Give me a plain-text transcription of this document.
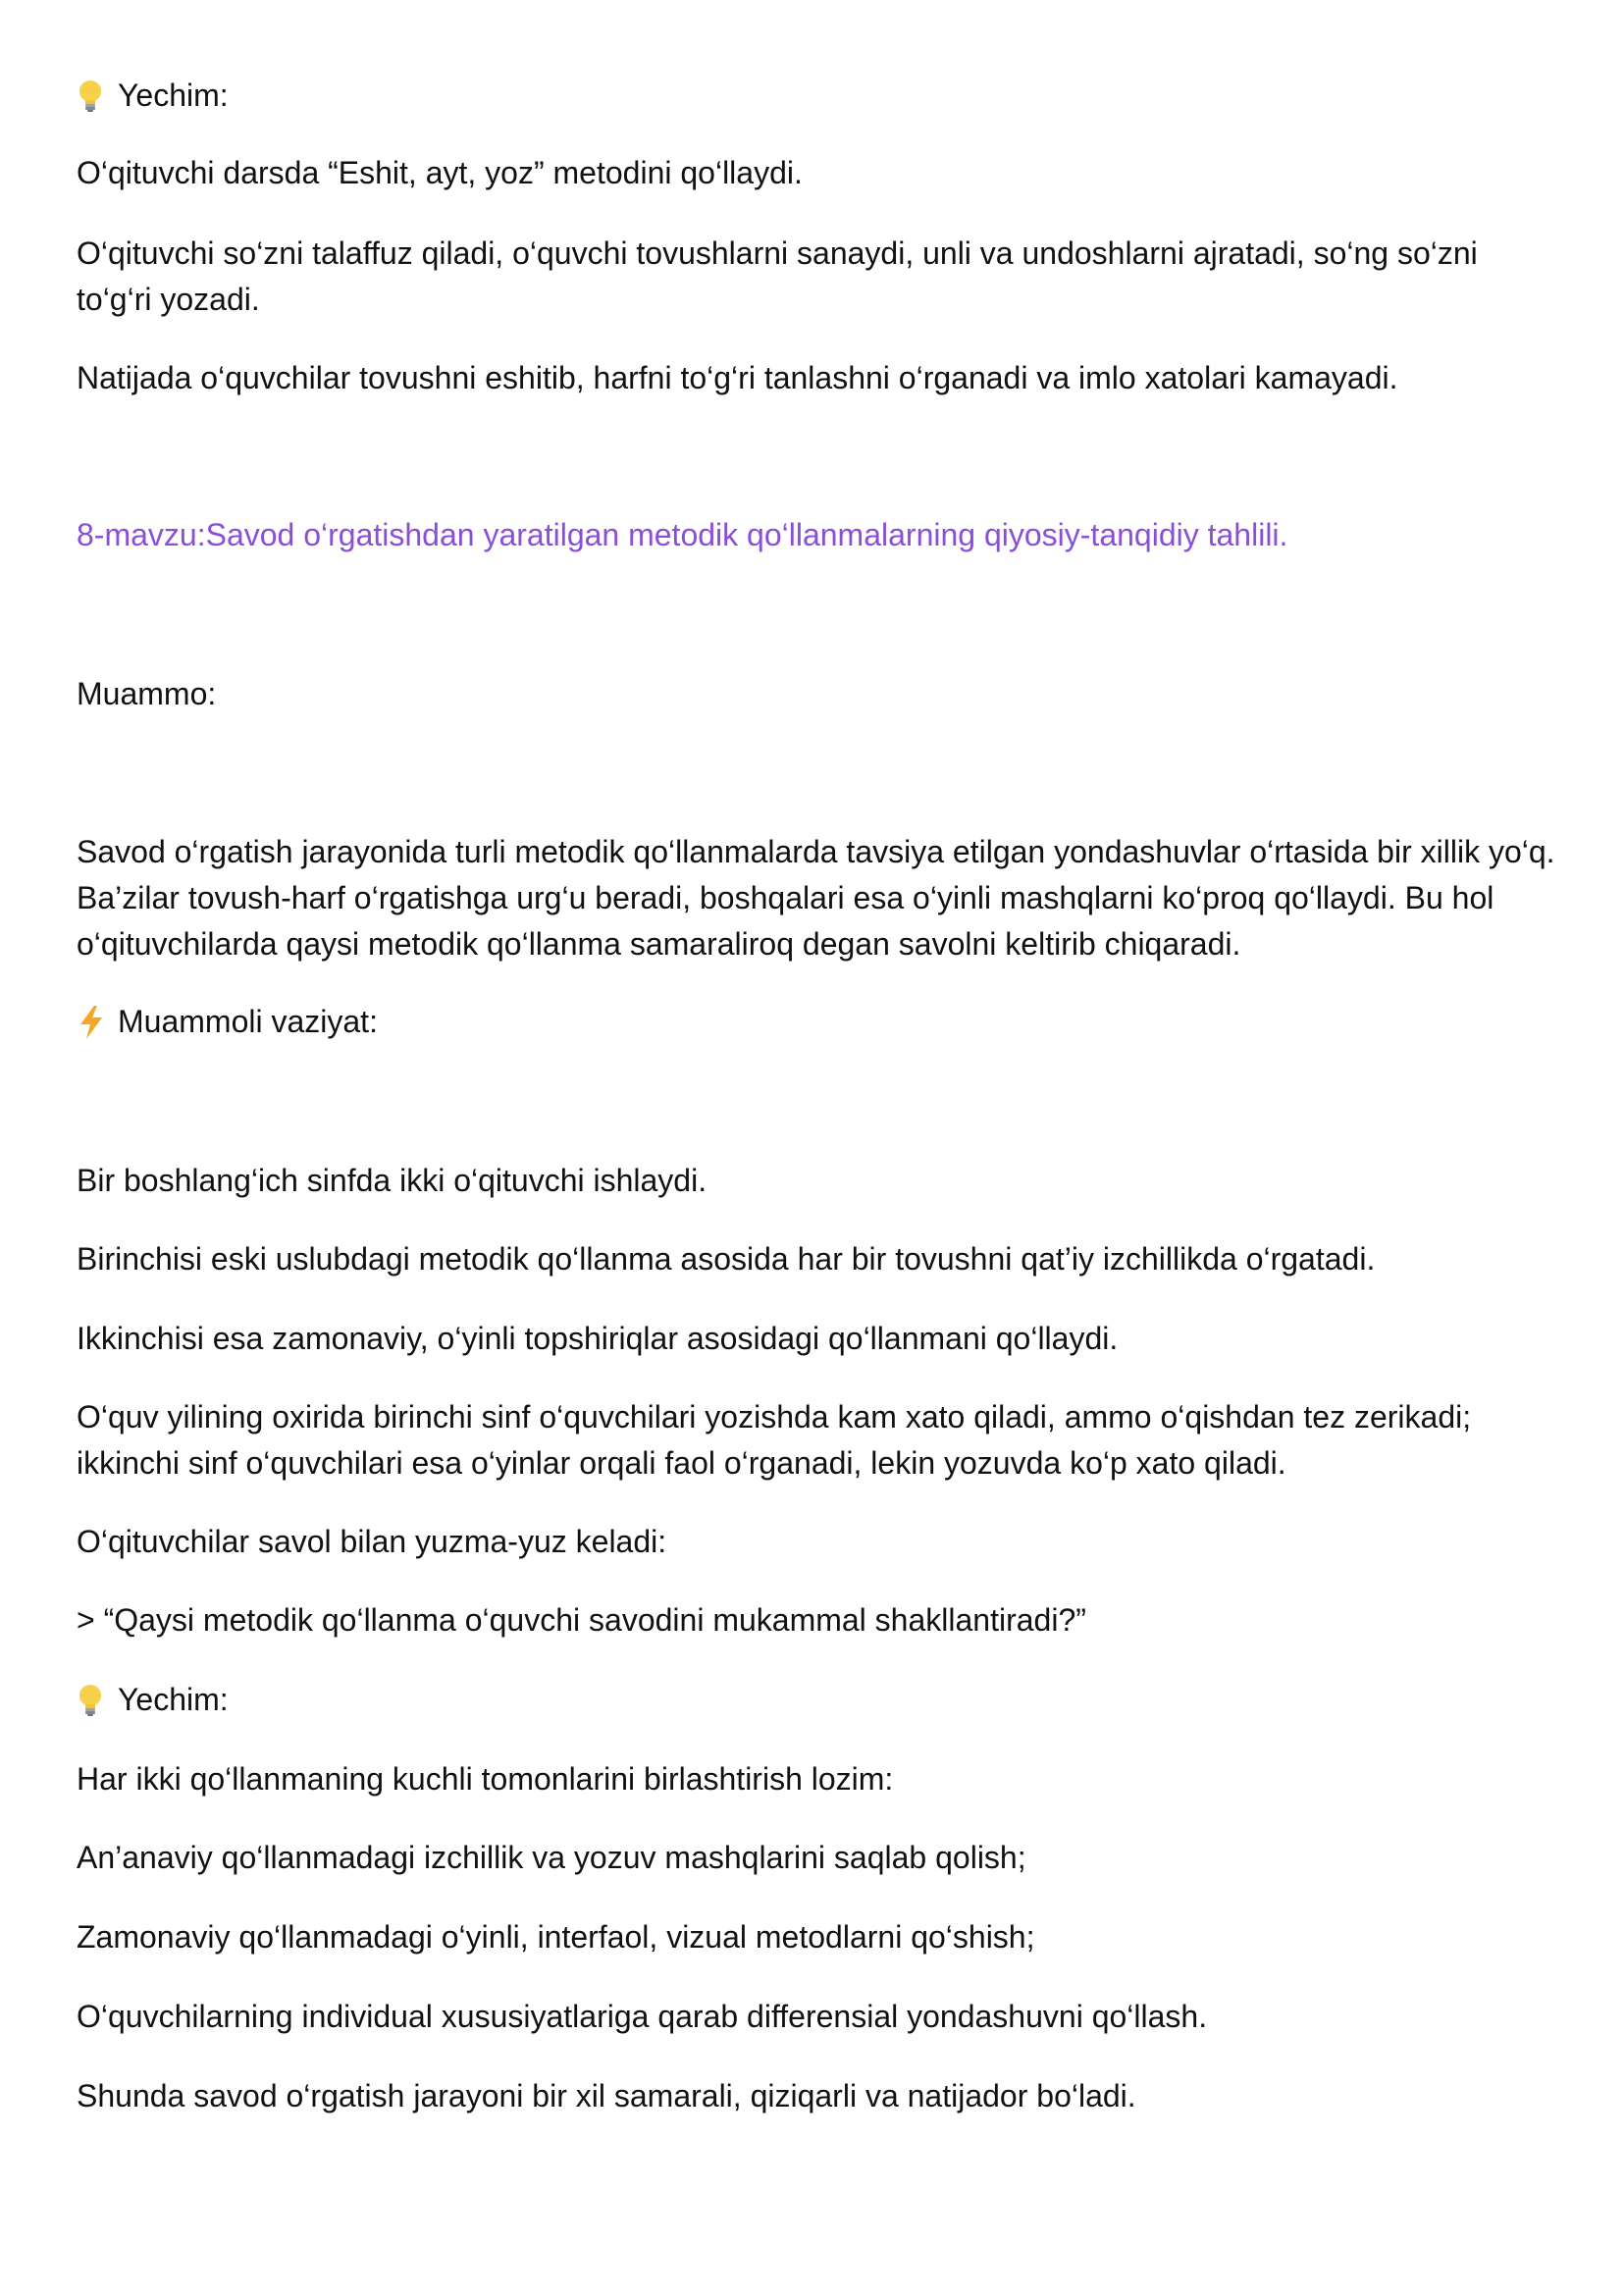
Yechim:
O‘qituvchi darsda “Eshit, ayt, yoz” metodini qo‘llaydi.
O‘qituvchi so‘zni talaffuz qiladi, o‘quvchi tovushlarni sanaydi, unli va undoshlarni ajratadi, so‘ng so‘zni to‘g‘ri yozadi.
Natijada o‘quvchilar tovushni eshitib, harfni to‘g‘ri tanlashni o‘rganadi va imlo xatolari kamayadi.
8-mavzu:Savod o‘rgatishdan yaratilgan metodik qo‘llanmalarning qiyosiy-tanqidiy tahlili.
Muammo:
Savod o‘rgatish jarayonida turli metodik qo‘llanmalarda tavsiya etilgan yondashuvlar o‘rtasida bir xillik yo‘q. Ba’zilar tovush-harf o‘rgatishga urg‘u beradi, boshqalari esa o‘yinli mashqlarni ko‘proq qo‘llaydi. Bu hol o‘qituvchilarda qaysi metodik qo‘llanma samaraliroq degan savolni keltirib chiqaradi.
Muammoli vaziyat:
Bir boshlang‘ich sinfda ikki o‘qituvchi ishlaydi.
Birinchisi eski uslubdagi metodik qo‘llanma asosida har bir tovushni qat’iy izchillikda o‘rgatadi.
Ikkinchisi esa zamonaviy, o‘yinli topshiriqlar asosidagi qo‘llanmani qo‘llaydi.
O‘quv yilining oxirida birinchi sinf o‘quvchilari yozishda kam xato qiladi, ammo o‘qishdan tez zerikadi; ikkinchi sinf o‘quvchilari esa o‘yinlar orqali faol o‘rganadi, lekin yozuvda ko‘p xato qiladi.
O‘qituvchilar savol bilan yuzma-yuz keladi:
> “Qaysi metodik qo‘llanma o‘quvchi savodini mukammal shakllantiradi?”
Yechim:
Har ikki qo‘llanmaning kuchli tomonlarini birlashtirish lozim:
An’anaviy qo‘llanmadagi izchillik va yozuv mashqlarini saqlab qolish;
Zamonaviy qo‘llanmadagi o‘yinli, interfaol, vizual metodlarni qo‘shish;
O‘quvchilarning individual xususiyatlariga qarab differensial yondashuvni qo‘llash.
Shunda savod o‘rgatish jarayoni bir xil samarali, qiziqarli va natijador bo‘ladi.
